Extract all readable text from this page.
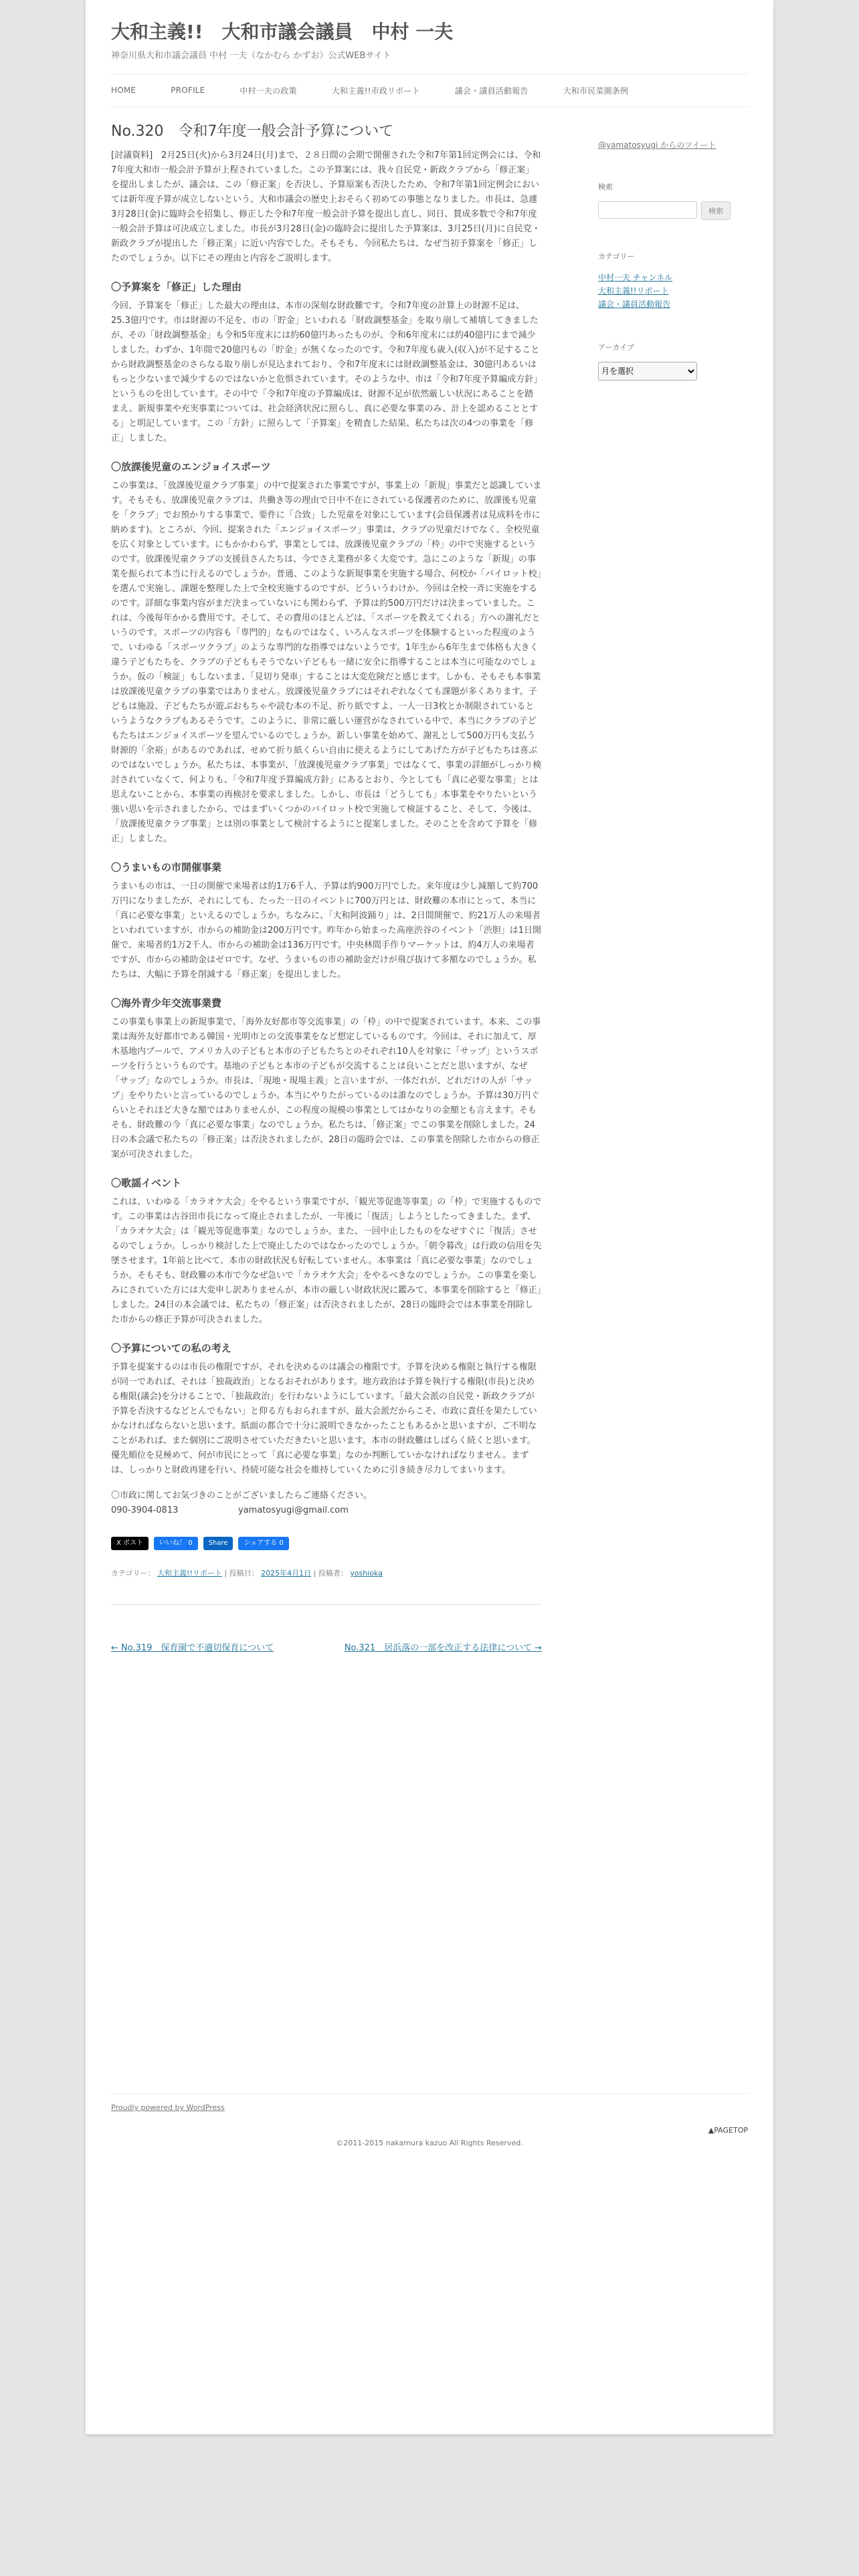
大和主義!!　大和市議会議員　中村 一夫
神奈川県大和市議会議員 中村 一夫（なかむら かずお）公式WEBサイト
HOME	PROFILE	中村一夫の政策	大和主義!!市政リポート	議会・議員活動報告	大和市民菜園条例
No.320　令和7年度一般会計予算について

[討議資料]　2月25日(火)から3月24日(月)まで、２８日間の会期で開催された令和7年第1回定例会には、令和7年度大和市一般会計予算が上程されていました。この予算案には、我々自民党・新政クラブから「修正案」を提出しましたが、議会は、この「修正案」を否決し、予算原案も否決したため、令和7年第1回定例会においては新年度予算が成立しないという、大和市議会の歴史上おそらく初めての事態となりました。市長は、急遽3月28日(金)に臨時会を招集し、修正した令和7年度一般会計予算を提出し直し、同日、賛成多数で令和7年度一般会計予算は可決成立しました。市長が3月28日(金)の臨時会に提出した予算案は、3月25日(月)に自民党・新政クラブが提出した「修正案」に近い内容でした。そもそも、今回私たちは、なぜ当初予算案を「修正」したのでしょうか。以下にその理由と内容をご説明します。

〇予算案を「修正」した理由

今回、予算案を「修正」した最大の理由は、本市の深刻な財政難です。令和7年度の計算上の財源不足は、25.3億円です。市は財源の不足を、市の「貯金」といわれる「財政調整基金」を取り崩して補填してきましたが、その「財政調整基金」も令和5年度末には約60億円あったものが、令和6年度末には約40億円にまで減少しました。わずか、1年間で20億円もの「貯金」が無くなったのです。令和7年度も歳入(収入)が不足することから財政調整基金のさらなる取り崩しが見込まれており、令和7年度末には財政調整基金は、30億円あるいはもっと少ないまで減少するのではないかと危惧されています。そのような中、市は「令和7年度予算編成方針」というものを出しています。その中で「令和7年度の予算編成は、財源不足が依然厳しい状況にあることを踏まえ、新規事業や充実事業については、社会経済状況に照らし、真に必要な事業のみ、計上を認めることとする」と明記しています。この「方針」に照らして「予算案」を精査した結果、私たちは次の4つの事業を「修正」しました。

〇放課後児童のエンジョイスポーツ

この事業は、「放課後児童クラブ事業」の中で提案された事業ですが、事業上の「新規」事業だと認識しています。そもそも、放課後児童クラブは、共働き等の理由で日中不在にされている保護者のために、放課後も児童を「クラブ」でお預かりする事業で、要件に「合致」した児童を対象にしています(会員保護者は見成料を市に納めます)。ところが、今回、提案された「エンジョイスポーツ」事業は、クラブの児童だけでなく、全校児童を広く対象としています。にもかかわらず、事業としては、放課後児童クラブの「枠」の中で実施するというのです。放課後児童クラブの支援員さんたちは、今でさえ業務が多く大変です。急にこのような「新規」の事業を振られて本当に行えるのでしょうか。普通、このような新規事業を実施する場合、何校か「パイロット校」を選んで実施し、課題を整理した上で全校実施するのですが、どういうわけか、今回は全校一斉に実施をするのです。詳細な事業内容がまだ決まっていないにも関わらず、予算は約500万円だけは決まっていました。これは、今後毎年かかる費用です。そして、その費用のほとんどは、「スポーツを教えてくれる」方への謝礼だというのです。スポーツの内容も「専門的」なものではなく、いろんなスポーツを体験するといった程度のようで、いわゆる「スポーツクラブ」のような専門的な指導ではないようです。1年生から6年生まで体格も大きく違う子どもたちを、クラブの子どももそうでない子どもも一緒に安全に指導することは本当に可能なのでしょうか。仮の「検証」もしないまま、「見切り発車」することは大変危険だと感じます。しかも、そもそも本事業は放課後児童クラブの事業ではありません。放課後児童クラブにはそれぞれなくても課題が多くあります。子どもは施設、子どもたちが遊ぶおもちゃや読む本の不足、折り紙ですよ、一人一日3枚とか制限されているというようなクラブもあるそうです。このように、非常に厳しい運営がなされている中で、本当にクラブの子どもたちはエンジョイスポーツを望んでいるのでしょうか。新しい事業を始めて、謝礼として500万円も支払う財源的「余裕」があるのであれば、せめて折り紙くらい自由に使えるようにしてあげた方が子どもたちは喜ぶのではないでしょうか。私たちは、本事業が、「放課後児童クラブ事業」ではなくて、事業の詳細がしっかり検討されていなくて、何よりも、「令和7年度予算編成方針」にあるとおり、今としても「真に必要な事業」とは思えないことから、本事業の再検討を要求しました。しかし、市長は「どうしても」本事業をやりたいという強い思いを示されましたから、ではまずいくつかのパイロット校で実施して検証すること、そして、今後は、「放課後児童クラブ事業」とは別の事業として検討するようにと提案しました。そのことを含めて予算を「修正」しました。

〇うまいもの市開催事業

うまいもの市は、一日の開催で来場者は約1万6千人、予算は約900万円でした。来年度は少し減額して約700万円になりましたが、それにしても、たった一日のイベントに700万円とは、財政難の本市にとって、本当に「真に必要な事業」といえるのでしょうか。ちなみに、「大和阿波踊り」は、2日間開催で、約21万人の来場者といわれていますが、市からの補助金は200万円です。昨年から始まった高座渋谷のイベント「渋胆」は1日開催で、来場者約1万2千人、市からの補助金は136万円です。中央林間手作りマーケットは、約4万人の来場者ですが、市からの補助金はゼロです。なぜ、うまいもの市の補助金だけが飛び抜けて多額なのでしょうか。私たちは、大幅に予算を削減する「修正案」を提出しました。

〇海外青少年交流事業費

この事業も事業上の新規事業で、「海外友好都市等交流事業」の「枠」の中で提案されています。本来、この事業は海外友好都市である韓国・光明市との交流事業をなど想定しているものです。今回は、それに加えて、厚木基地内プールで、アメリカ人の子どもと本市の子どもたちとのそれぞれ10人を対象に「サップ」というスポーツを行うというものです。基地の子どもと本市の子どもが交流することは良いことだと思いますが、なぜ「サップ」なのでしょうか。市長は、「現地・現場主義」と言いますが、一体だれが、どれだけの人が「サップ」をやりたいと言っているのでしょうか。本当にやりたがっているのは誰なのでしょうか。予算は30万円ぐらいとそれほど大きな額ではありませんが、この程度の規模の事業としてはかなりの金額とも言えます。そもそも、財政難の今「真に必要な事業」なのでしょうか。私たちは、「修正案」でこの事業を削除しました。24日の本会議で私たちの「修正案」は否決されましたが、28日の臨時会では、この事業を削除した市からの修正案が可決されました。

〇歌謡イベント

これは、いわゆる「カラオケ大会」をやるという事業ですが、「観光等促進等事業」の「枠」で実施するものです。この事業は古谷田市長になって廃止されましたが、一年後に「復活」しようとしたってきました。まず、「カラオケ大会」は「観光等促進事業」なのでしょうか。また、一回中止したものをなぜすぐに「復活」させるのでしょうか。しっかり検討した上で廃止したのではなかったのでしょうか。「朝令暮改」は行政の信用を失墜させます。1年前と比べて、本市の財政状況も好転していません。本事業は「真に必要な事業」なのでしょうか。そもそも、財政難の本市で今なぜ急いで「カラオケ大会」をやるべきなのでしょうか。この事業を楽しみにされていた方には大変申し訳ありませんが、本市の厳しい財政状況に鑑みて、本事業を削除すると「修正」しました。24日の本会議では、私たちの「修正案」は否決されましたが、28日の臨時会では本事業を削除した市からの修正予算が可決されました。

〇予算についての私の考え

予算を提案するのは市長の権限ですが、それを決めるのは議会の権限です。予算を決める権限と執行する権限が同一であれば、それは「独裁政治」となるおそれがあります。地方政治は予算を執行する権限(市長)と決める権限(議会)を分けることで、「独裁政治」を行わないようにしています。「最大会派の自民党・新政クラブが予算を否決するなどとんでもない」と仰る方もおられますが、最大会派だからこそ、市政に責任を果たしていかなければならないと思います。紙面の都合で十分に説明できなかったこともあるかと思いますが、ご不明なことがあれば、また個別にご説明させていただきたいと思います。本市の財政難はしばらく続くと思います。優先順位を見極めて、何が市民にとって「真に必要な事業」なのか判断していかなければなりません。まずは、しっかりと財政再建を行い、持続可能な社会を維持していくために引き続き尽力してまいります。

〇市政に関してお気づきのことがございましたらご連絡ください。
090-3904-0813	yamatosyugi@gmail.com
X ポスト	いいね！ 0	Share	シェアする 0
カテゴリー： 大和主義!!リポート | 投稿日： 2025年4月1日 | 投稿者： yoshioka
← No.319　保育園で不適切保育について	No.321　居浜落の一部を改正する法律について →
@yamatosyugi からのツイート
検索
検索
カテゴリー
中村一夫 チャンネル
大和主義!!リポート
議会・議員活動報告
アーカイブ
月を選択
Proudly powered by WordPress
▲PAGETOP
©2011-2015 nakamura kazuo All Rights Reserved.
